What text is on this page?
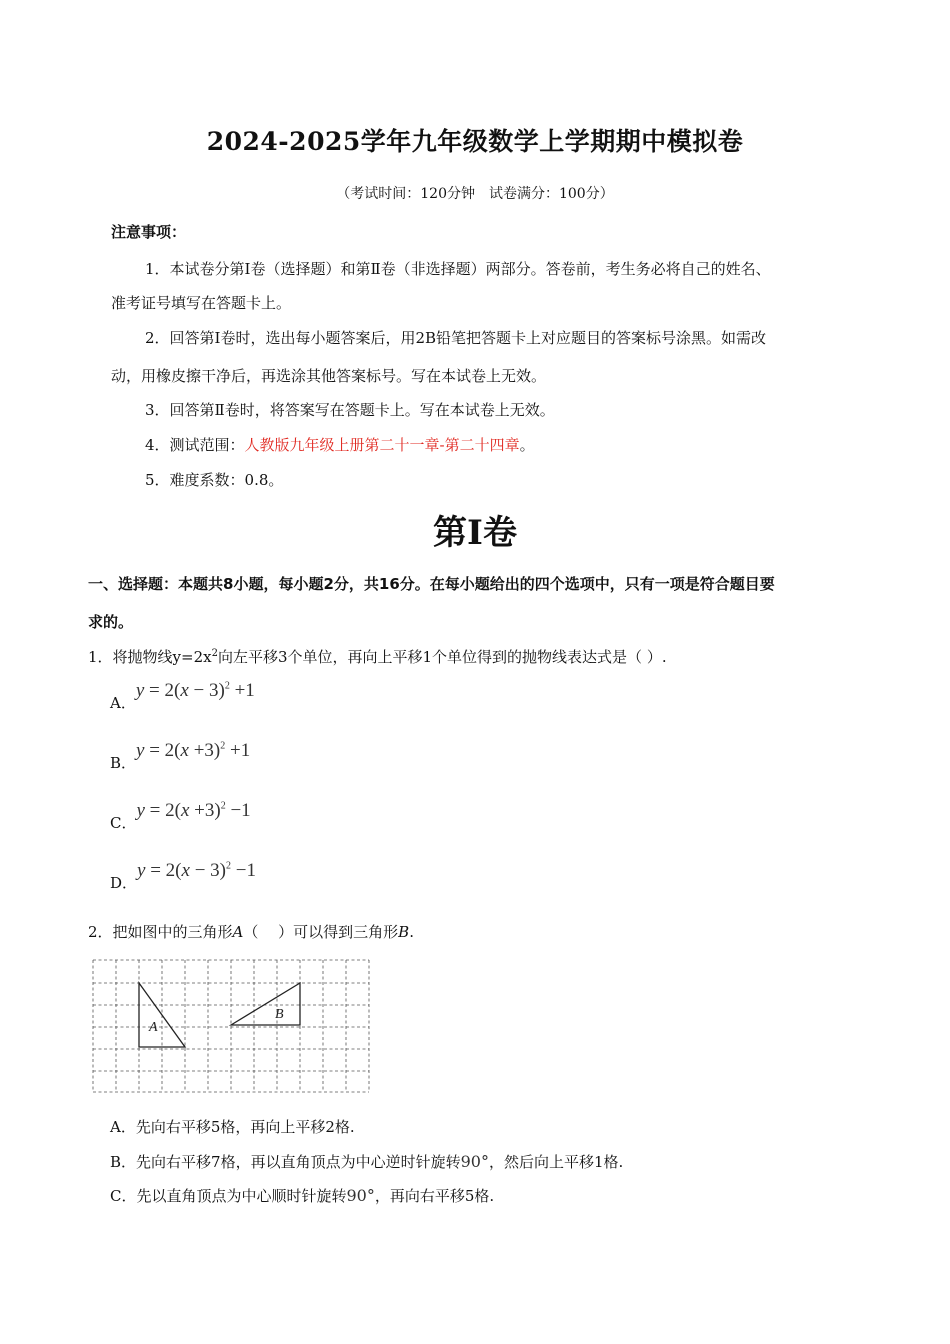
2024-2025学年九年级数学上学期期中模拟卷
（考试时间：120分钟　试卷满分：100分）
注意事项：
1．本试卷分第Ⅰ卷（选择题）和第Ⅱ卷（非选择题）两部分。答卷前，考生务必将自己的姓名、
准考证号填写在答题卡上。
2．回答第Ⅰ卷时，选出每小题答案后，用2B铅笔把答题卡上对应题目的答案标号涂黑。如需改
动，用橡皮擦干净后，再选涂其他答案标号。写在本试卷上无效。
3．回答第Ⅱ卷时，将答案写在答题卡上。写在本试卷上无效。
4．测试范围：人教版九年级上册第二十一章-第二十四章。
5．难度系数：0.8。
第Ⅰ卷
一、选择题：本题共8小题，每小题2分，共16分。在每小题给出的四个选项中，只有一项是符合题目要
求的。
1．将抛物线$y=2x^2$向左平移3个单位，再向上平移1个单位得到的抛物线表达式是（ ）.
A．$y = 2(x - 3)^2 +1$
B．$y = 2(x +3)^2 +1$
C．$y = 2(x +3)^2 -1$
D．$y = 2(x - 3)^2 -1$
2．把如图中的三角形A（　 ）可以得到三角形B.
A
B
A．先向右平移5格，再向上平移2格.
B．先向右平移7格，再以直角顶点为中心逆时针旋转90°，然后向上平移1格.
C．先以直角顶点为中心顺时针旋转90°，再向右平移5格.
